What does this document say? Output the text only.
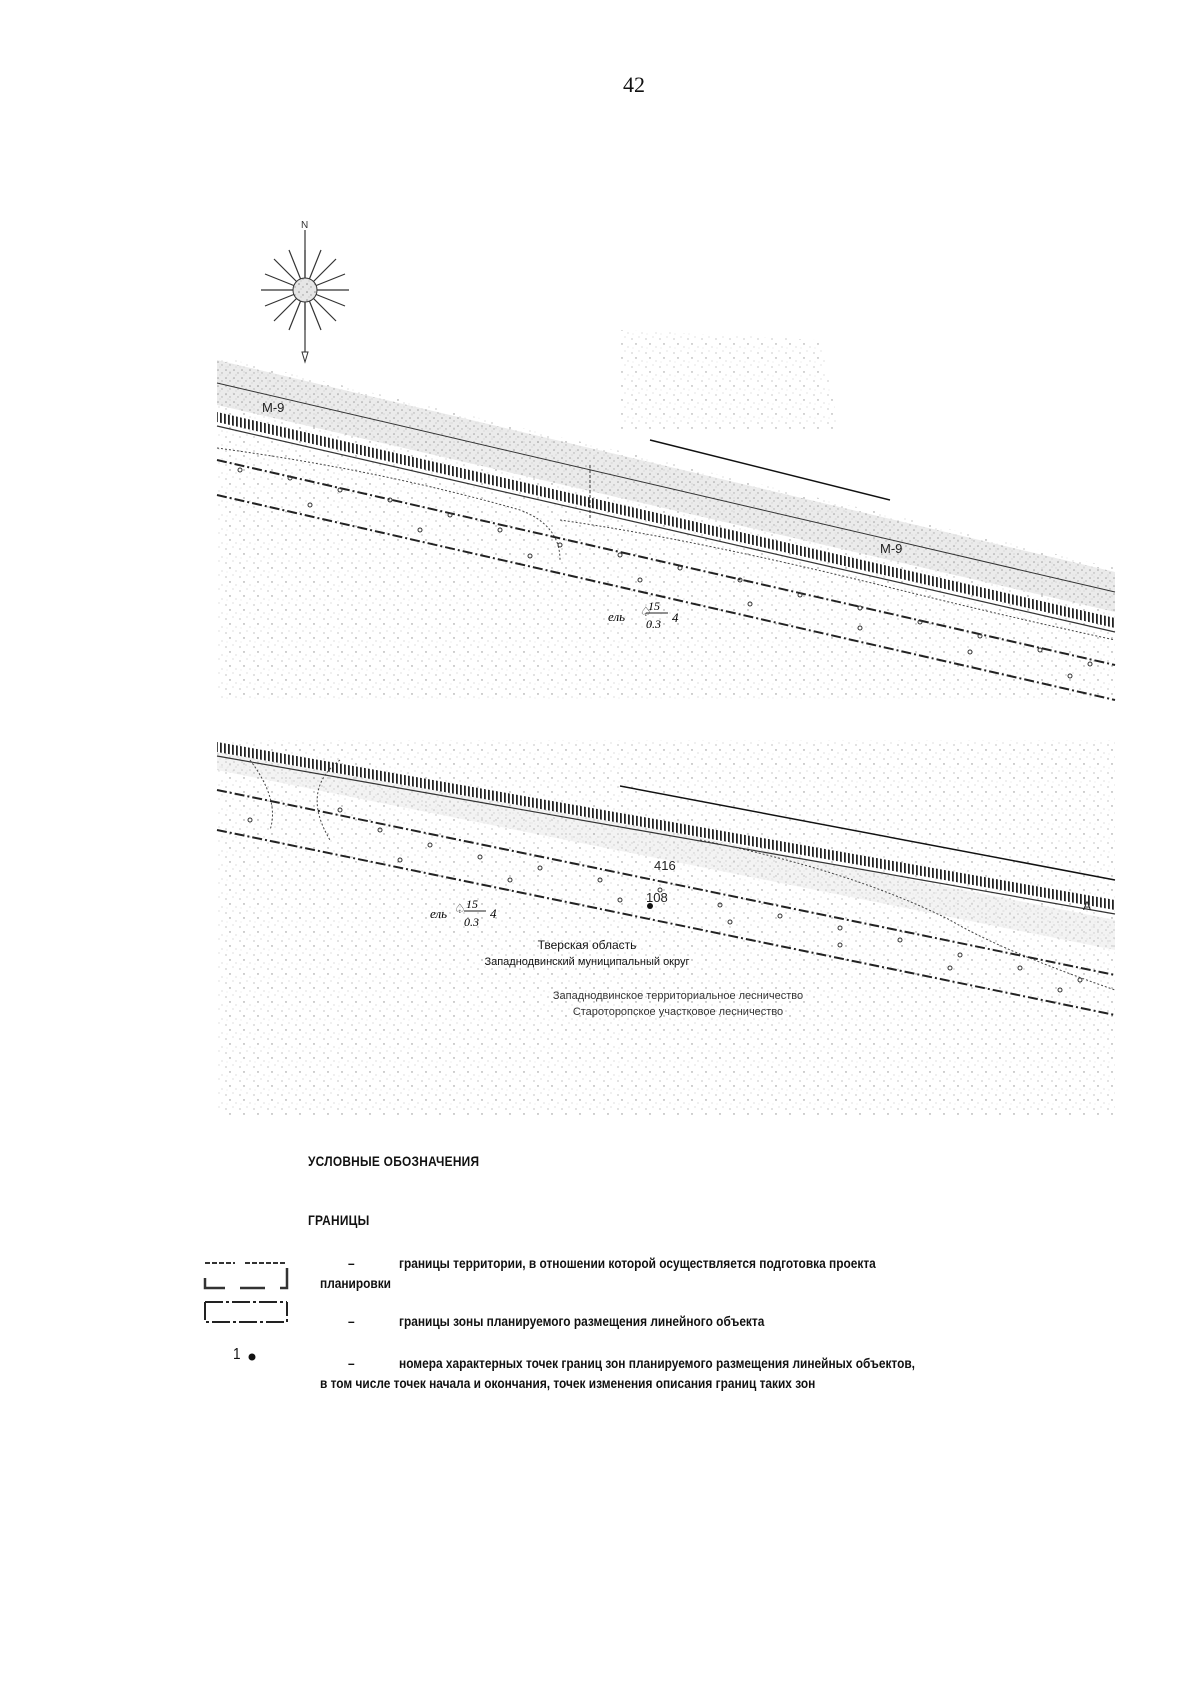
42
N
М-9
М-9
ель ♤
15
0.3 4
416
108
А
ель ♤ 15
0.3
4
Тверская область
Западнодвинский муниципальный округ
Западнодвинское территориальное лесничество
Староторопское участковое лесничество
УСЛОВНЫЕ ОБОЗНАЧЕНИЯ
ГРАНИЦЫ
–	границы территории, в отношении которой осуществляется подготовка проекта
планировки
–	границы зоны планируемого размещения линейного объекта
1	–	номера характерных точек границ зон планируемого размещения линейных объектов,
в том числе точек начала и окончания, точек изменения описания границ таких зон
